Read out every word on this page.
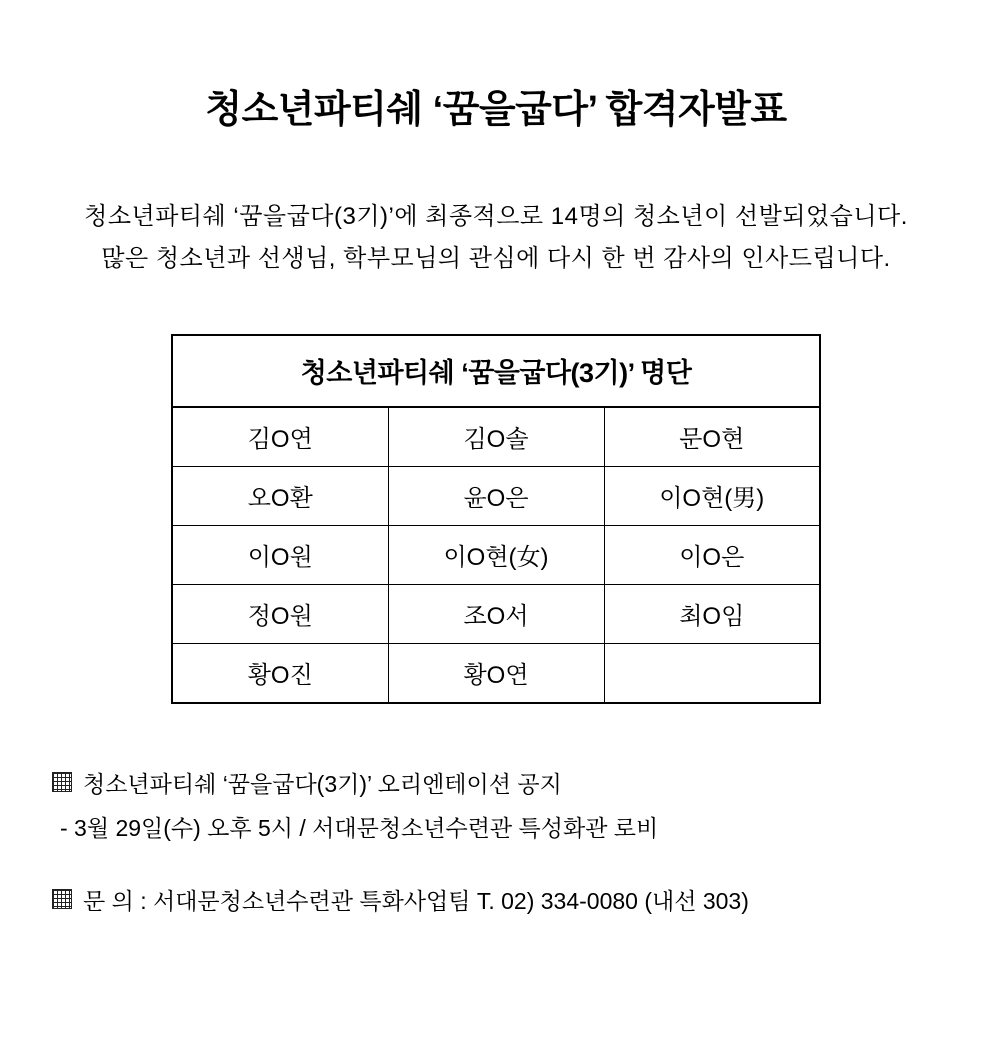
청소년파티쉐 ‘꿈을굽다’ 합격자발표
청소년파티쉐 ‘꿈을굽다(3기)’에 최종적으로 14명의 청소년이 선발되었습니다.
많은 청소년과 선생님, 학부모님의 관심에 다시 한 번 감사의 인사드립니다.
청소년파티쉐 ‘꿈을굽다(3기)’ 명단		
김O연	김O솔	문O현
오O환	윤O은	이O현(男)
이O원	이O현(女)	이O은
정O원	조O서	최O임
황O진	황O연	
청소년파티쉐 ‘꿈을굽다(3기)’ 오리엔테이션 공지
- 3월 29일(수) 오후 5시 / 서대문청소년수련관 특성화관 로비
문 의 : 서대문청소년수련관 특화사업팀 T. 02) 334-0080 (내선 303)
